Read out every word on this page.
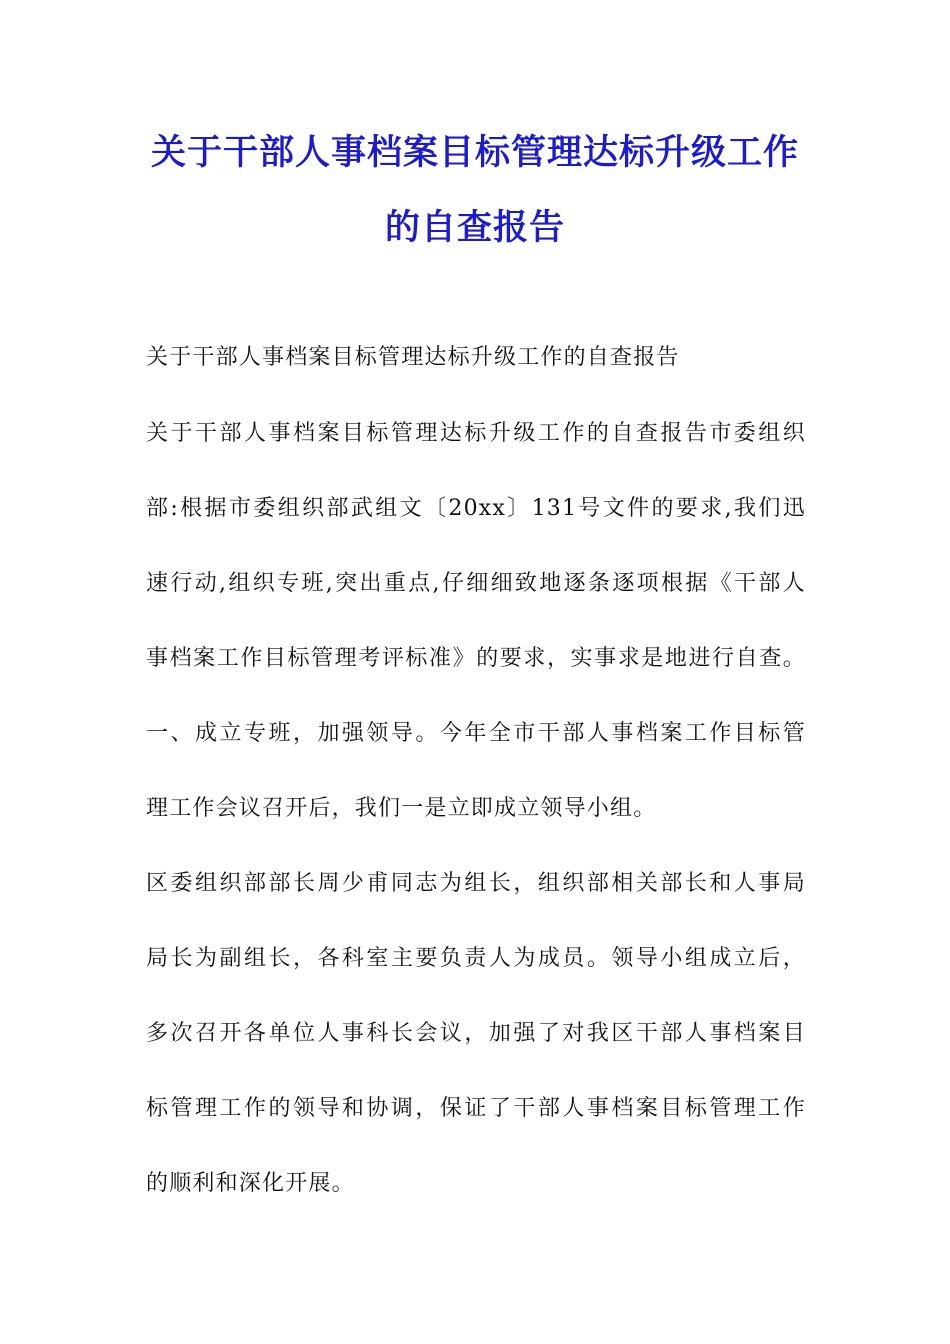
关于干部人事档案目标管理达标升级工作
的自查报告
关于干部人事档案目标管理达标升级工作的自查报告
关于干部人事档案目标管理达标升级工作的自查报告市委组织
部:根据市委组织部武组文〔20xx〕131号文件的要求,我们迅
速行动,组织专班,突出重点,仔细细致地逐条逐项根据《干部人
事档案工作目标管理考评标准》的要求，实事求是地进行自查。
一、成立专班，加强领导。今年全市干部人事档案工作目标管
理工作会议召开后，我们一是立即成立领导小组。
区委组织部部长周少甫同志为组长，组织部相关部长和人事局
局长为副组长，各科室主要负责人为成员。领导小组成立后，
多次召开各单位人事科长会议，加强了对我区干部人事档案目
标管理工作的领导和协调，保证了干部人事档案目标管理工作
的顺利和深化开展。
